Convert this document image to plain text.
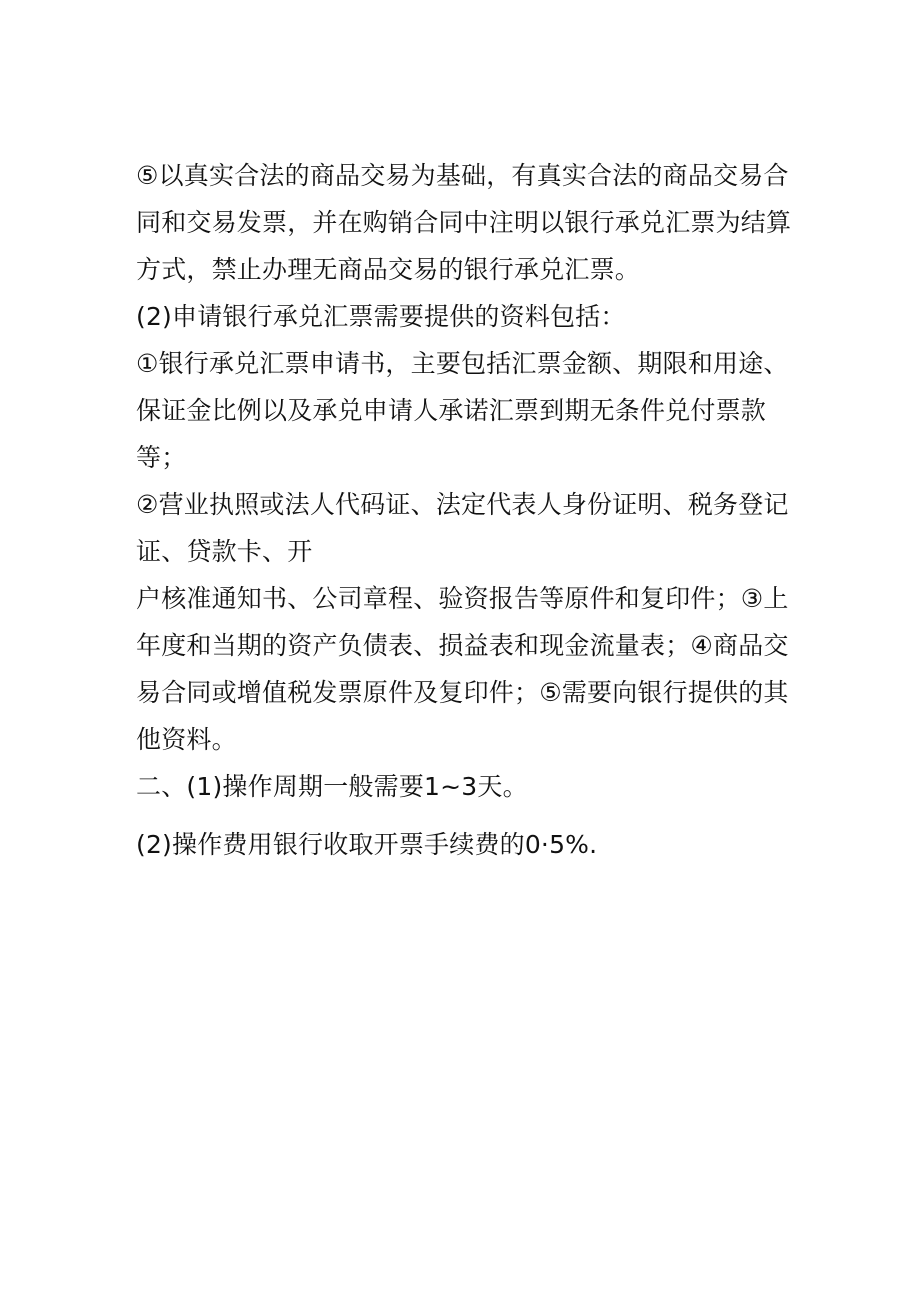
⑤以真实合法的商品交易为基础，有真实合法的商品交易合

同和交易发票，并在购销合同中注明以银行承兑汇票为结算

方式，禁止办理无商品交易的银行承兑汇票。

(2)申请银行承兑汇票需要提供的资料包括：

①银行承兑汇票申请书，主要包括汇票金额、期限和用途、

保证金比例以及承兑申请人承诺汇票到期无条件兑付票款

等；

②营业执照或法人代码证、法定代表人身份证明、税务登记

证、贷款卡、开

户核准通知书、公司章程、验资报告等原件和复印件；③上

年度和当期的资产负债表、损益表和现金流量表；④商品交

易合同或增值税发票原件及复印件；⑤需要向银行提供的其

他资料。

二、(1)操作周期一般需要1~3天。

(2)操作费用银行收取开票手续费的0·5%.
